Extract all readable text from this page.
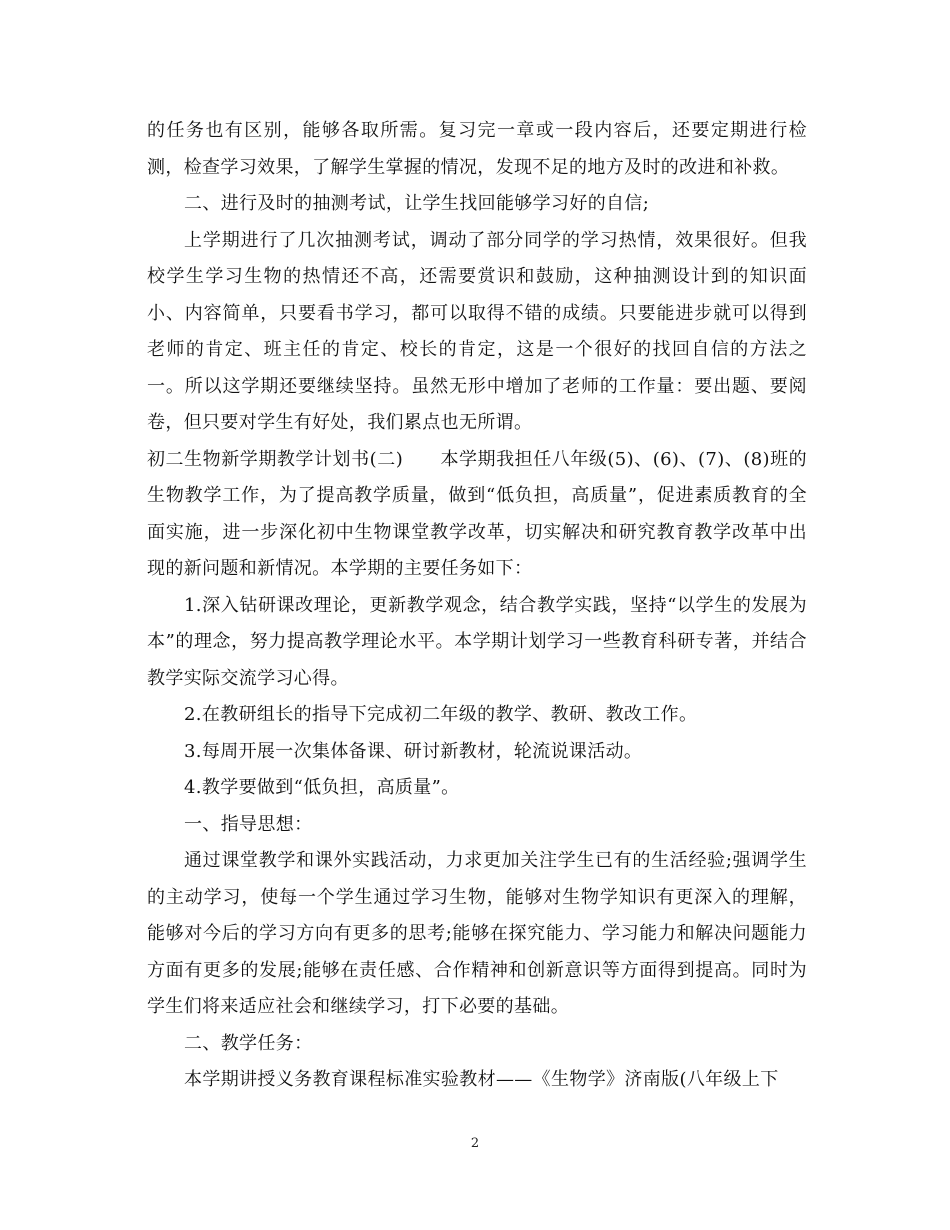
的任务也有区别，能够各取所需。复习完一章或一段内容后，还要定期进行检测，检查学习效果，了解学生掌握的情况，发现不足的地方及时的改进和补救。

二、进行及时的抽测考试，让学生找回能够学习好的自信;

上学期进行了几次抽测考试，调动了部分同学的学习热情，效果很好。但我校学生学习生物的热情还不高，还需要赏识和鼓励，这种抽测设计到的知识面小、内容简单，只要看书学习，都可以取得不错的成绩。只要能进步就可以得到老师的肯定、班主任的肯定、校长的肯定，这是一个很好的找回自信的方法之一。所以这学期还要继续坚持。虽然无形中增加了老师的工作量：要出题、要阅卷，但只要对学生有好处，我们累点也无所谓。

初二生物新学期教学计划书(二)　　本学期我担任八年级(5)、(6)、(7)、(8)班的生物教学工作，为了提高教学质量，做到“低负担，高质量”，促进素质教育的全面实施，进一步深化初中生物课堂教学改革，切实解决和研究教育教学改革中出现的新问题和新情况。本学期的主要任务如下：

1.深入钻研课改理论，更新教学观念，结合教学实践，坚持“以学生的发展为本”的理念，努力提高教学理论水平。本学期计划学习一些教育科研专著，并结合教学实际交流学习心得。

2.在教研组长的指导下完成初二年级的教学、教研、教改工作。

3.每周开展一次集体备课、研讨新教材，轮流说课活动。

4.教学要做到“低负担，高质量”。

一、指导思想：

通过课堂教学和课外实践活动，力求更加关注学生已有的生活经验;强调学生的主动学习，使每一个学生通过学习生物，能够对生物学知识有更深入的理解，能够对今后的学习方向有更多的思考;能够在探究能力、学习能力和解决问题能力方面有更多的发展;能够在责任感、合作精神和创新意识等方面得到提高。同时为学生们将来适应社会和继续学习，打下必要的基础。

二、教学任务：

本学期讲授义务教育课程标准实验教材——《生物学》济南版(八年级上下

2
